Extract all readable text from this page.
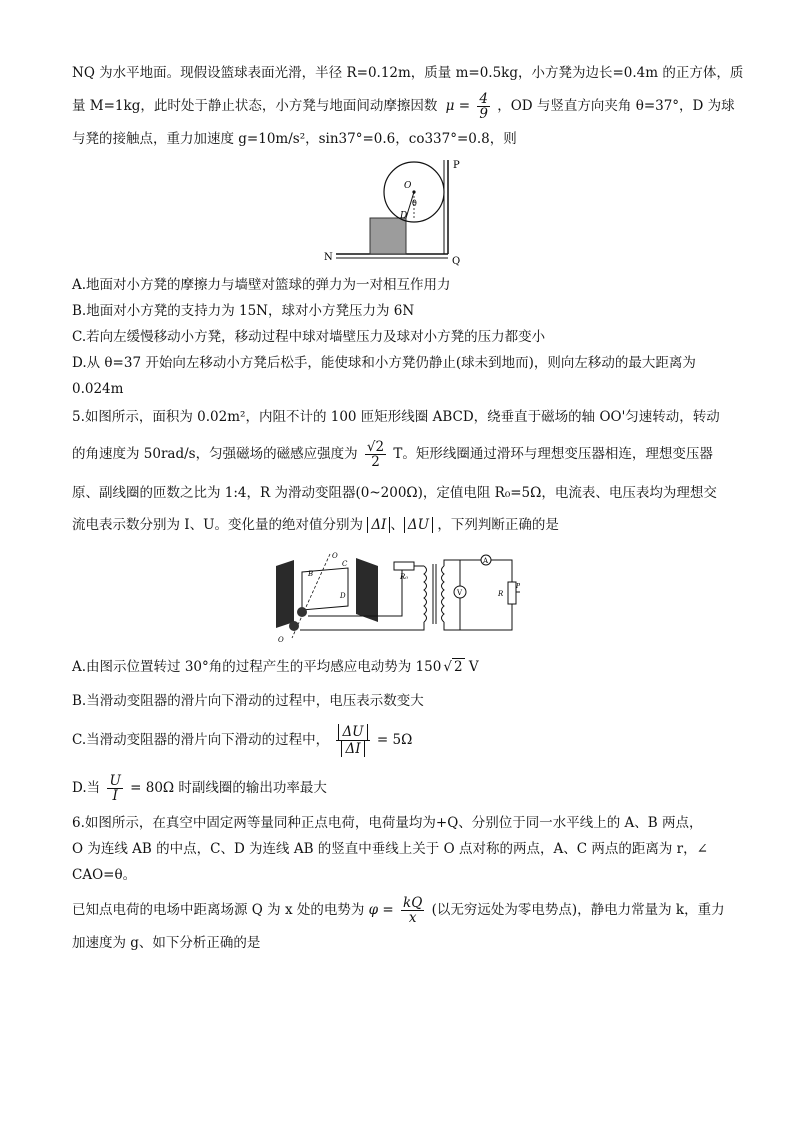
NQ 为水平地面。现假设篮球表面光滑，半径 R=0.12m，质量 m=0.5kg，小方凳为边长=0.4m 的正方体，质
量 M=1kg，此时处于静止状态，小方凳与地面间动摩擦因数 $\mu = \frac{4}{9}$ ，OD 与竖直方向夹角 θ=37°，D 为球
与凳的接触点，重力加速度 g=10m/s²，sin37°=0.6，co337°=0.8，则
P
O
θ
D
N	Q
A.地面对小方凳的摩擦力与墙壁对篮球的弹力为一对相互作用力
B.地面对小方凳的支持力为 15N，球对小方凳压力为 6N
C.若向左缓慢移动小方凳，移动过程中球对墙壁压力及球对小方凳的压力都变小
D.从 θ=37 开始向左移动小方凳后松手，能使球和小方凳仍静止(球未到地而)，则向左移动的最大距离为
0.024m
5.如图所示，面积为 0.02m²，内阻不计的 100 匝矩形线圈 ABCD，绕垂直于磁场的轴 OO'匀速转动，转动
的角速度为 50rad/s，匀强磁场的磁感应强度为 $\frac{√2}{2}$ T。矩形线圈通过滑环与理想变压器相连，理想变压器
原、副线圈的匝数之比为 1:4，R 为滑动变阻器(0~200Ω)，定值电阻 R₀=5Ω，电流表、电压表均为理想交
流电表示数分别为 I、U。变化量的绝对值分别为 ΔI 、 ΔU ，下列判断正确的是
O
O
B
C
D
R₀
V
A
R
P
A.由图示位置转过 30°角的过程产生的平均感应电动势为 150 √ 2 V
B.当滑动变阻器的滑片向下滑动的过程中，电压表示数变大
C.当滑动变阻器的滑片向下滑动的过程中， $\frac{\Delta U}{\Delta I} = 5\Omega$
D.当 $\frac{U}{I} = 80\Omega$ 时副线圈的输出功率最大
6.如图所示，在真空中固定两等量同种正点电荷，电荷量均为+Q、分别位于同一水平线上的 A、B 两点，
O 为连线 AB 的中点，C、D 为连线 AB 的竖直中垂线上关于 O 点对称的两点，A、C 两点的距离为 r，∠
CAO=θ。
已知点电荷的电场中距离场源 Q 为 x 处的电势为 $\varphi = \frac{kQ}{x}$ (以无穷远处为零电势点)，静电力常量为 k，重力
加速度为 g、如下分析正确的是
